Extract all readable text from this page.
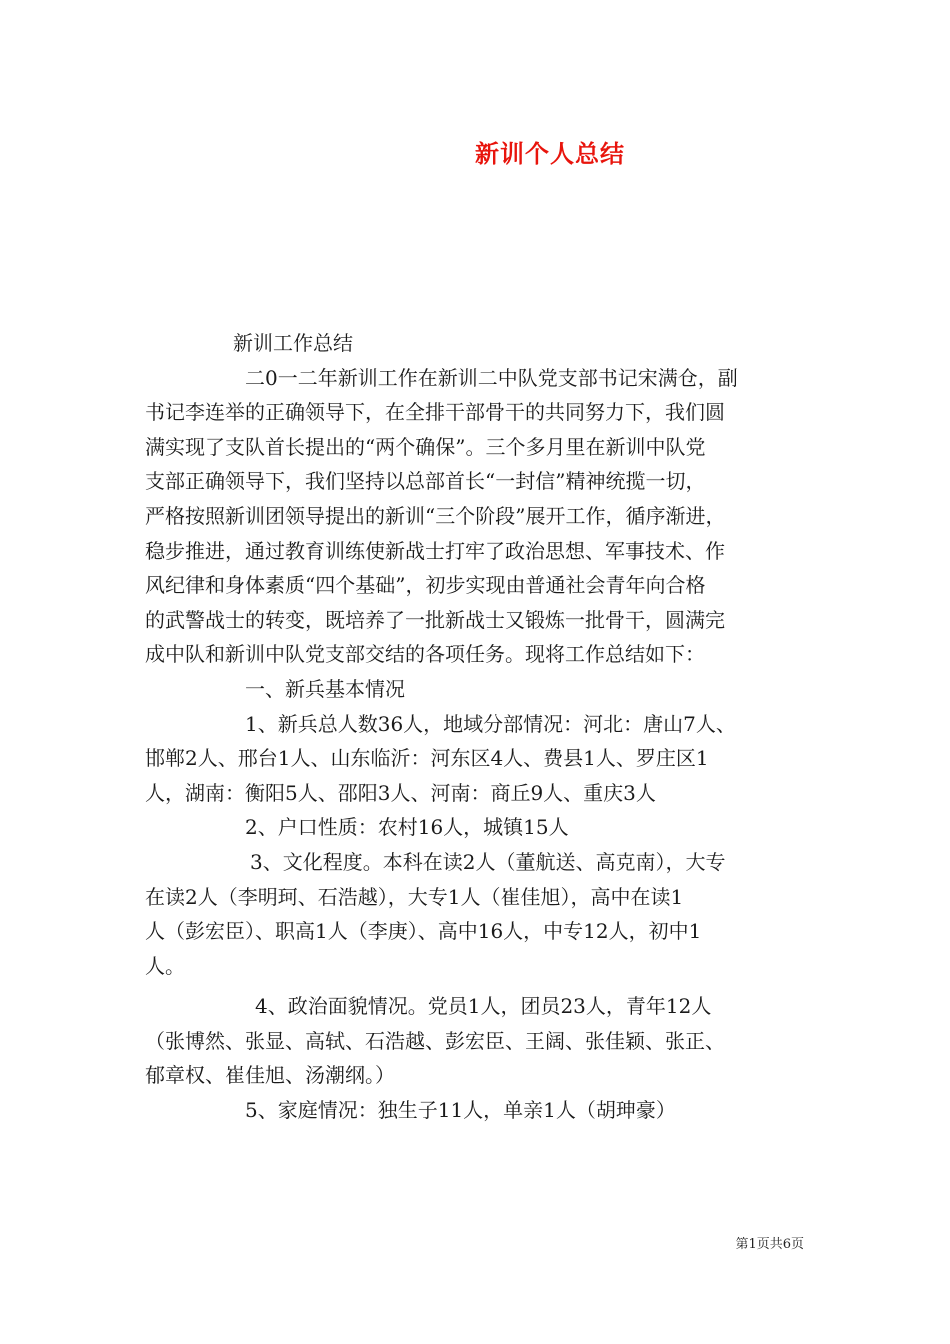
新训个人总结

新训工作总结

二0一二年新训工作在新训二中队党支部书记宋满仓，副

书记李连举的正确领导下，在全排干部骨干的共同努力下，我们圆

满实现了支队首长提出的“两个确保”。三个多月里在新训中队党

支部正确领导下，我们坚持以总部首长“一封信”精神统揽一切，

严格按照新训团领导提出的新训“三个阶段”展开工作，循序渐进，

稳步推进，通过教育训练使新战士打牢了政治思想、军事技术、作

风纪律和身体素质“四个基础”，初步实现由普通社会青年向合格

的武警战士的转变，既培养了一批新战士又锻炼一批骨干，圆满完

成中队和新训中队党支部交结的各项任务。现将工作总结如下：

一、新兵基本情况

1、新兵总人数36人，地域分部情况：河北：唐山7人、

邯郸2人、邢台1人、山东临沂：河东区4人、费县1人、罗庄区1

人，湖南：衡阳5人、邵阳3人、河南：商丘9人、重庆3人

2、户口性质：农村16人，城镇15人

3、文化程度。本科在读2人（董航送、高克南），大专

在读2人（李明珂、石浩越），大专1人（崔佳旭），高中在读1

人（彭宏臣）、职高1人（李庚）、高中16人，中专12人，初中1

人。

4、政治面貌情况。党员1人，团员23人，青年12人

（张博然、张显、高轼、石浩越、彭宏臣、王阔、张佳颖、张正、

郁章权、崔佳旭、汤潮纲。）

5、家庭情况：独生子11人，单亲1人（胡珅豪）

第1页共6页
